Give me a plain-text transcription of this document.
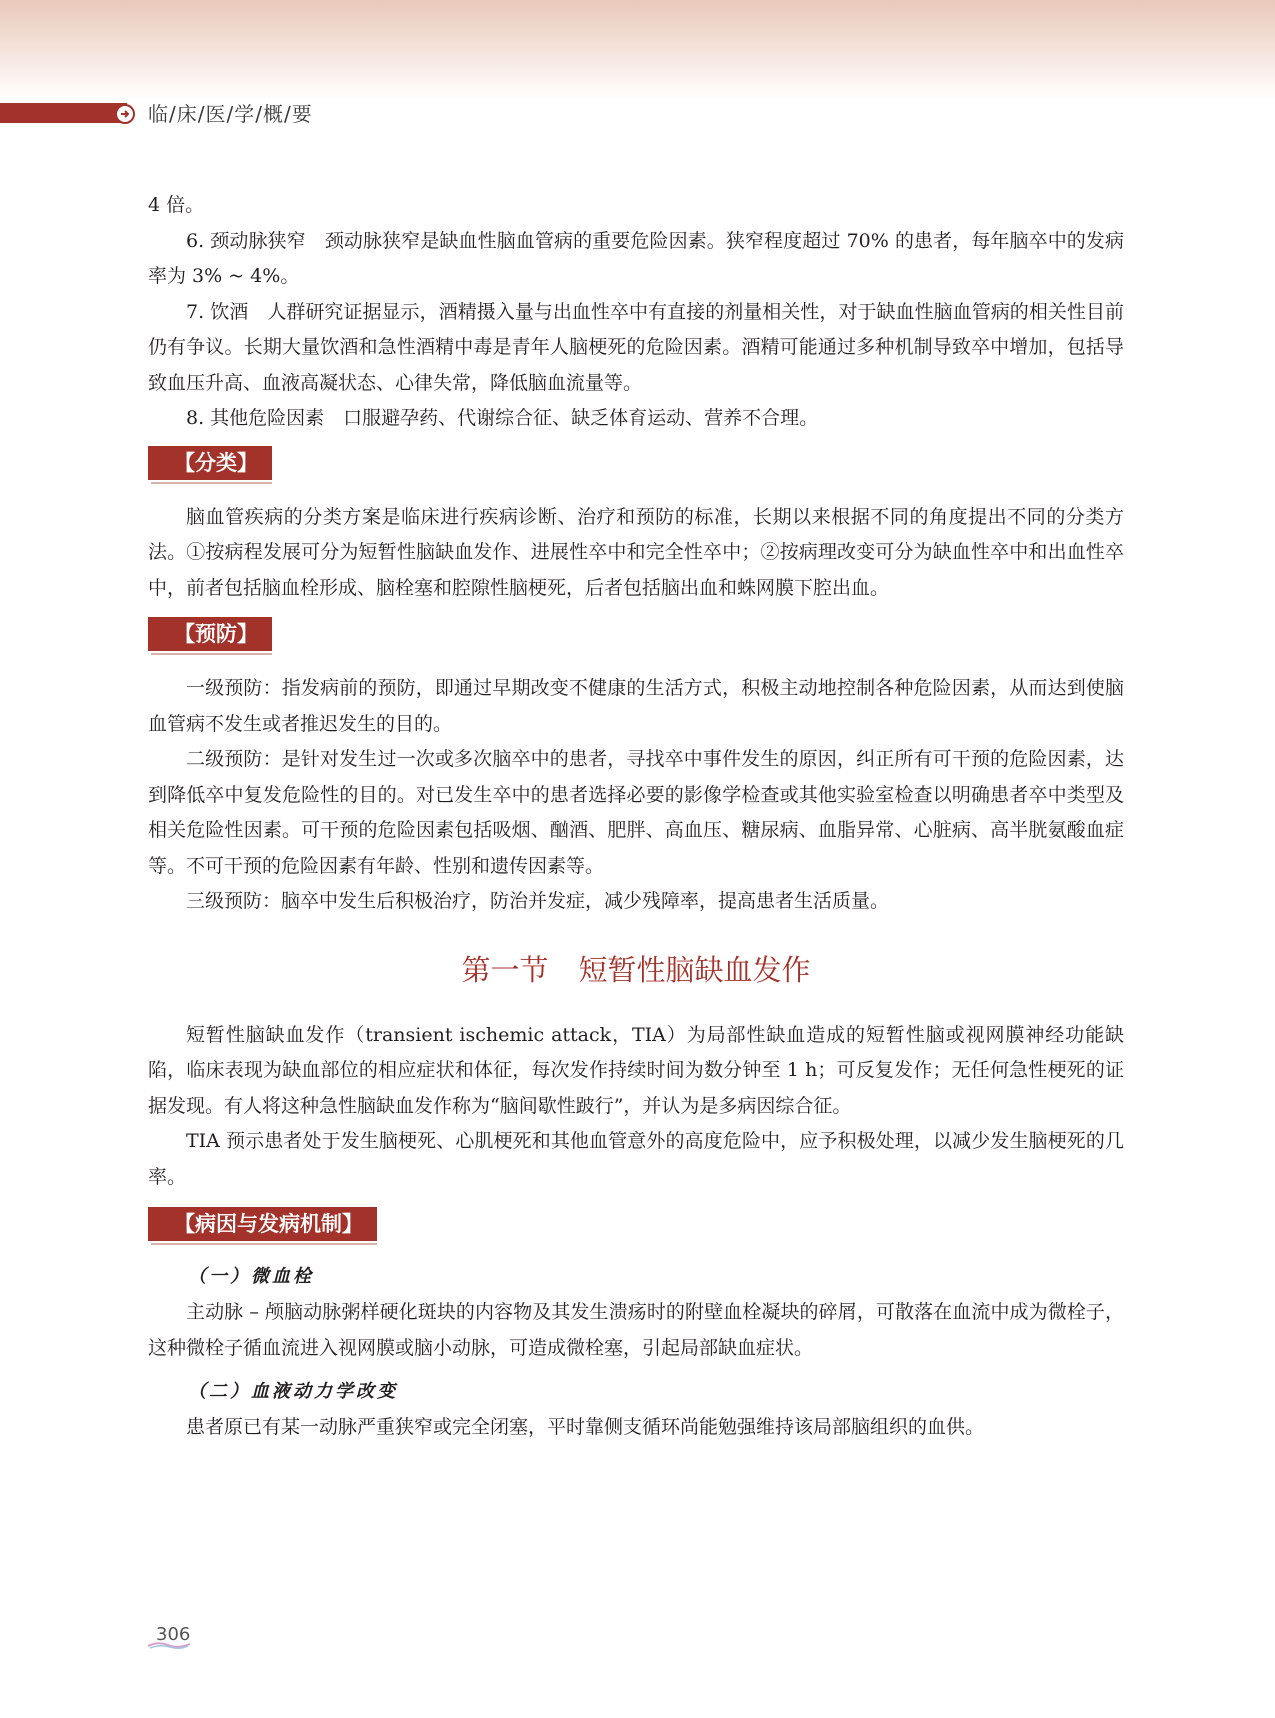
临/床/医/学/概/要

4 倍。

6. 颈动脉狭窄　颈动脉狭窄是缺血性脑血管病的重要危险因素。狭窄程度超过 70% 的患者，每年脑卒中的发病率为 3% ~ 4%。

7. 饮酒　人群研究证据显示，酒精摄入量与出血性卒中有直接的剂量相关性，对于缺血性脑血管病的相关性目前仍有争议。长期大量饮酒和急性酒精中毒是青年人脑梗死的危险因素。酒精可能通过多种机制导致卒中增加，包括导致血压升高、血液高凝状态、心律失常，降低脑血流量等。

8. 其他危险因素　口服避孕药、代谢综合征、缺乏体育运动、营养不合理。

【分类】

脑血管疾病的分类方案是临床进行疾病诊断、治疗和预防的标准，长期以来根据不同的角度提出不同的分类方法。①按病程发展可分为短暂性脑缺血发作、进展性卒中和完全性卒中；②按病理改变可分为缺血性卒中和出血性卒中，前者包括脑血栓形成、脑栓塞和腔隙性脑梗死，后者包括脑出血和蛛网膜下腔出血。

【预防】

一级预防：指发病前的预防，即通过早期改变不健康的生活方式，积极主动地控制各种危险因素，从而达到使脑血管病不发生或者推迟发生的目的。

二级预防：是针对发生过一次或多次脑卒中的患者，寻找卒中事件发生的原因，纠正所有可干预的危险因素，达到降低卒中复发危险性的目的。对已发生卒中的患者选择必要的影像学检查或其他实验室检查以明确患者卒中类型及相关危险性因素。可干预的危险因素包括吸烟、酗酒、肥胖、高血压、糖尿病、血脂异常、心脏病、高半胱氨酸血症等。不可干预的危险因素有年龄、性别和遗传因素等。

三级预防：脑卒中发生后积极治疗，防治并发症，减少残障率，提高患者生活质量。

第一节 短暂性脑缺血发作

短暂性脑缺血发作（transient ischemic attack，TIA）为局部性缺血造成的短暂性脑或视网膜神经功能缺陷，临床表现为缺血部位的相应症状和体征，每次发作持续时间为数分钟至 1 h；可反复发作；无任何急性梗死的证据发现。有人将这种急性脑缺血发作称为“脑间歇性跛行”，并认为是多病因综合征。

TIA 预示患者处于发生脑梗死、心肌梗死和其他血管意外的高度危险中，应予积极处理，以减少发生脑梗死的几率。

【病因与发病机制】
（一）微血栓

主动脉 – 颅脑动脉粥样硬化斑块的内容物及其发生溃疡时的附壁血栓凝块的碎屑，可散落在血流中成为微栓子，这种微栓子循血流进入视网膜或脑小动脉，可造成微栓塞，引起局部缺血症状。

（二）血液动力学改变

患者原已有某一动脉严重狭窄或完全闭塞，平时靠侧支循环尚能勉强维持该局部脑组织的血供。

306
